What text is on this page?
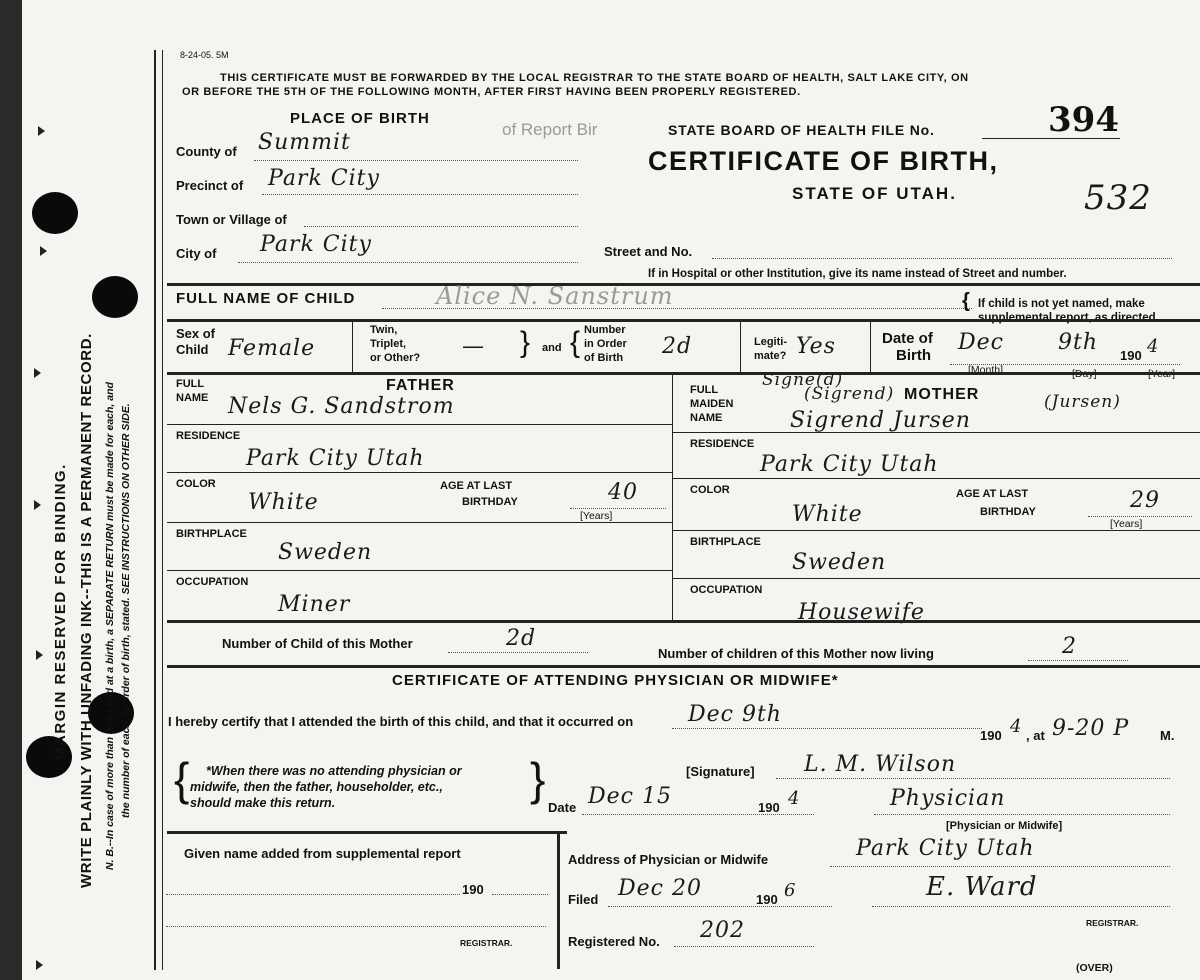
MARGIN RESERVED FOR BINDING. WRITE PLAINLY WITH UNFADING INK--THIS IS A PERMANENT RECORD. N. B.--In case of more than one child at a birth, a SEPARATE RETURN must be made for each, and the number of each, in order of birth, stated. SEE INSTRUCTIONS ON OTHER SIDE.
8-24-05. 5M
THIS CERTIFICATE MUST BE FORWARDED BY THE LOCAL REGISTRAR TO THE STATE BOARD OF HEALTH, SALT LAKE CITY, ON
OR BEFORE THE 5TH OF THE FOLLOWING MONTH, AFTER FIRST HAVING BEEN PROPERLY REGISTERED.
of Report Bir
PLACE OF BIRTH
County of Summit
Precinct of Park City
Town or Village of
City of Park City
STATE BOARD OF HEALTH FILE No.	394
CERTIFICATE OF BIRTH,
STATE OF UTAH.	532
Street and No.
If in Hospital or other Institution, give its name instead of Street and number.
FULL NAME OF CHILD	Alice N. Sanstrum	{ If child is not yet named, make
supplemental report, as directed
Sex of
Child Female
Twin,
Triplet,
or Other? — } and { Number
in Order
of Birth 2d	Legiti-
mate? Yes	Date of
Birth
Dec 9th
190 4
[Month]	[Day]	[Year]
FULL
NAME
FATHER
Nels G. Sandstrom
RESIDENCE
Park City Utah
COLOR
White
AGE AT LAST
BIRTHDAY	40
[Years]
BIRTHPLACE
Sweden
OCCUPATION
Miner
FULL
MAIDEN
NAME
Signe(d)
(Sigrend) MOTHER	(Jursen)
Sigrend Jursen
RESIDENCE
Park City Utah
COLOR
White
AGE AT LAST
BIRTHDAY	29
[Years]
BIRTHPLACE
Sweden
OCCUPATION
Housewife
Number of Child of this Mother	2d
Number of children of this Mother now living	2
CERTIFICATE OF ATTENDING PHYSICIAN OR MIDWIFE*
I hereby certify that I attended the birth of this child, and that it occurred on Dec 9th
190 4 , at 9-20 P M.
{ *When there was no attending physician or
midwife, then the father, householder, etc.,
should make this return.	}	[Signature] L. M. Wilson
Date Dec 15	190 4	Physician
[Physician or Midwife]
Given name added from supplemental report
190
REGISTRAR.
Address of Physician or Midwife	Park City Utah
Filed Dec 20	190 6	E. Ward
REGISTRAR.
Registered No. 202
(OVER)
